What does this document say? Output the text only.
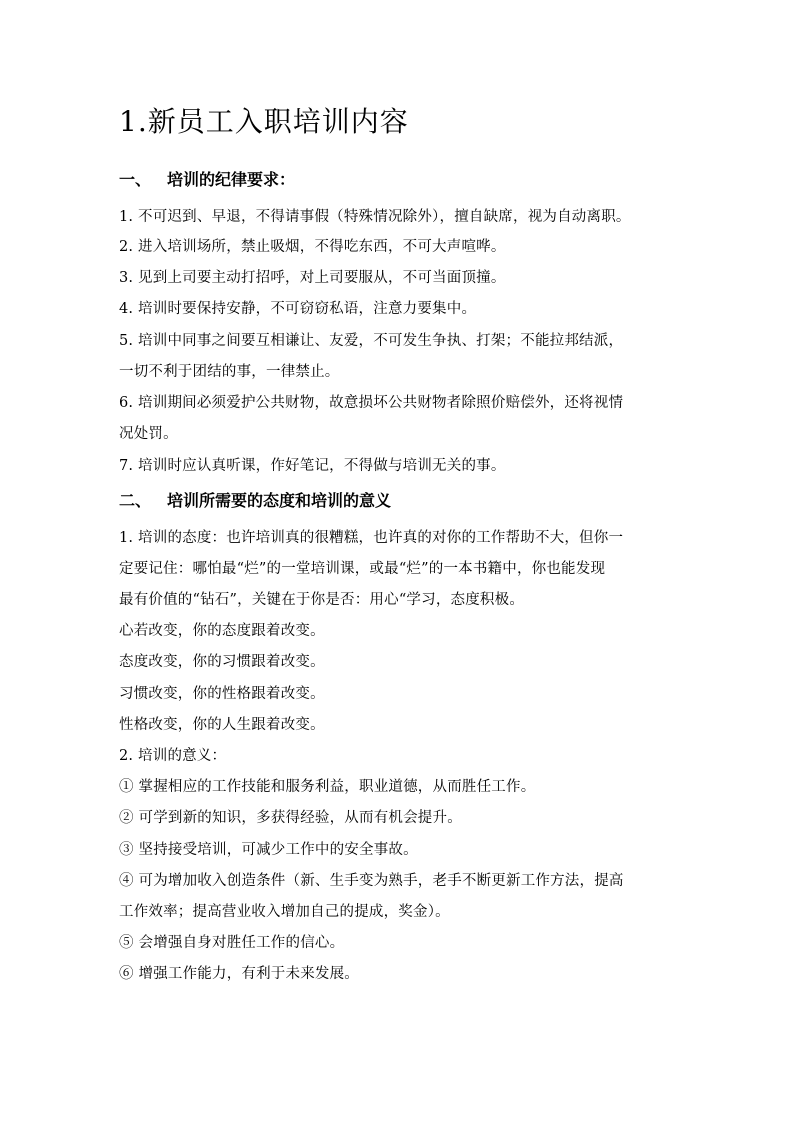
1.新员工入职培训内容
一、 培训的纪律要求：

1. 不可迟到、早退，不得请事假（特殊情况除外），擅自缺席，视为自动离职。

2. 进入培训场所，禁止吸烟，不得吃东西，不可大声喧哗。

3. 见到上司要主动打招呼，对上司要服从，不可当面顶撞。

4. 培训时要保持安静，不可窃窃私语，注意力要集中。

5. 培训中同事之间要互相谦让、友爱，不可发生争执、打架；不能拉邦结派，

一切不利于团结的事，一律禁止。

6. 培训期间必须爱护公共财物，故意损坏公共财物者除照价赔偿外，还将视情

况处罚。

7. 培训时应认真听课，作好笔记，不得做与培训无关的事。

二、 培训所需要的态度和培训的意义

1. 培训的态度：也许培训真的很糟糕，也许真的对你的工作帮助不大，但你一

定要记住：哪怕最“烂”的一堂培训课，或最“烂”的一本书籍中，你也能发现

最有价值的“钻石”，关键在于你是否：用心“学习，态度积极。

心若改变，你的态度跟着改变。

态度改变，你的习惯跟着改变。

习惯改变，你的性格跟着改变。

性格改变，你的人生跟着改变。

2. 培训的意义：

① 掌握相应的工作技能和服务利益，职业道德，从而胜任工作。

② 可学到新的知识，多获得经验，从而有机会提升。

③ 坚持接受培训，可减少工作中的安全事故。

④ 可为增加收入创造条件（新、生手变为熟手，老手不断更新工作方法，提高

工作效率；提高营业收入增加自己的提成，奖金）。

⑤ 会增强自身对胜任工作的信心。

⑥ 增强工作能力，有利于未来发展。
